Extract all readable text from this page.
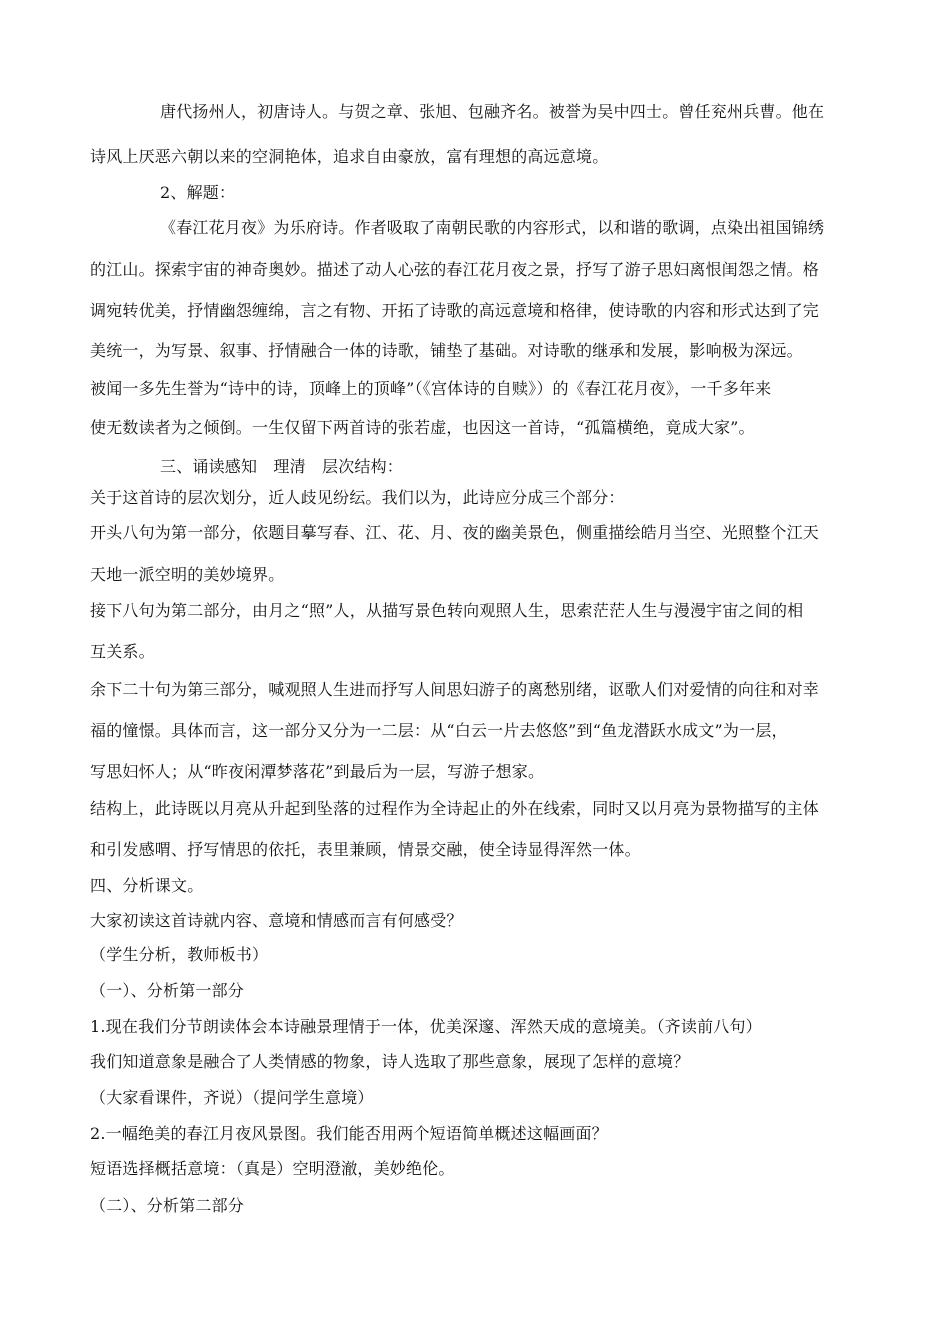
唐代扬州人，初唐诗人。与贺之章、张旭、包融齐名。被誉为吴中四士。曾任兖州兵曹。他在
诗风上厌恶六朝以来的空洞艳体，追求自由豪放，富有理想的高远意境。
2、解题：
《春江花月夜》为乐府诗。作者吸取了南朝民歌的内容形式，以和谐的歌调，点染出祖国锦绣
的江山。探索宇宙的神奇奥妙。描述了动人心弦的春江花月夜之景，抒写了游子思妇离恨闺怨之情。格
调宛转优美，抒情幽怨缠绵，言之有物、开拓了诗歌的高远意境和格律，使诗歌的内容和形式达到了完
美统一，为写景、叙事、抒情融合一体的诗歌，铺垫了基础。对诗歌的继承和发展，影响极为深远。
被闻一多先生誉为“诗中的诗，顶峰上的顶峰”（《宫体诗的自赎》）的《春江花月夜》，一千多年来
使无数读者为之倾倒。一生仅留下两首诗的张若虚，也因这一首诗，“孤篇横绝，竟成大家”。
三、诵读感知　理清　层次结构：
关于这首诗的层次划分，近人歧见纷纭。我们以为，此诗应分成三个部分：
开头八句为第一部分，依题目摹写春、江、花、月、夜的幽美景色，侧重描绘皓月当空、光照整个江天
天地一派空明的美妙境界。
接下八句为第二部分，由月之“照”人，从描写景色转向观照人生，思索茫茫人生与漫漫宇宙之间的相
互关系。
余下二十句为第三部分，喊观照人生进而抒写人间思妇游子的离愁别绪，讴歌人们对爱情的向往和对幸
福的憧憬。具体而言，这一部分又分为一二层：从“白云一片去悠悠”到“鱼龙潜跃水成文”为一层，
写思妇怀人；从“昨夜闲潭梦落花”到最后为一层，写游子想家。
结构上，此诗既以月亮从升起到坠落的过程作为全诗起止的外在线索，同时又以月亮为景物描写的主体
和引发感喟、抒写情思的依托，表里兼顾，情景交融，使全诗显得浑然一体。
四、分析课文。
大家初读这首诗就内容、意境和情感而言有何感受？
（学生分析，教师板书）
（一）、分析第一部分
1.现在我们分节朗读体会本诗融景理情于一体，优美深邃、浑然天成的意境美。（齐读前八句）
我们知道意象是融合了人类情感的物象，诗人选取了那些意象，展现了怎样的意境？
（大家看课件，齐说）（提问学生意境）
2.一幅绝美的春江月夜风景图。我们能否用两个短语简单概述这幅画面？
短语选择概括意境：（真是）空明澄澈，美妙绝伦。
（二）、分析第二部分
